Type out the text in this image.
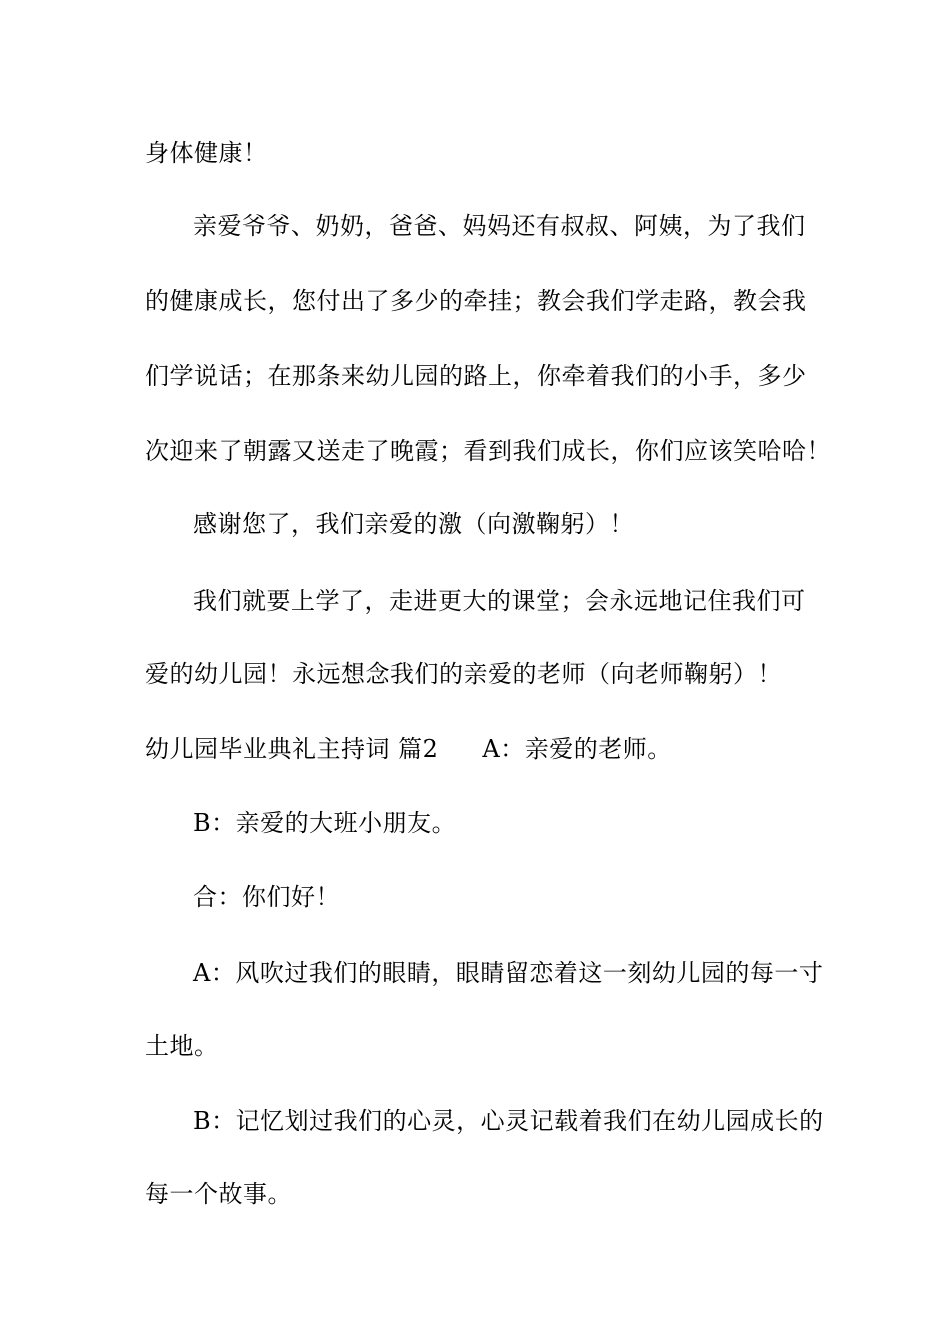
身体健康！
亲爱爷爷、奶奶，爸爸、妈妈还有叔叔、阿姨，为了我们
的健康成长，您付出了多少的牵挂；教会我们学走路，教会我
们学说话；在那条来幼儿园的路上，你牵着我们的小手，多少
次迎来了朝露又送走了晚霞；看到我们成长，你们应该笑哈哈！
感谢您了，我们亲爱的激（向激鞠躬）！
我们就要上学了，走进更大的课堂；会永远地记住我们可
爱的幼儿园！永远想念我们的亲爱的老师（向老师鞠躬）！
幼儿园毕业典礼主持词 篇2 A：亲爱的老师。
B：亲爱的大班小朋友。
合：你们好！
A：风吹过我们的眼睛，眼睛留恋着这一刻幼儿园的每一寸
土地。
B：记忆划过我们的心灵，心灵记载着我们在幼儿园成长的
每一个故事。
